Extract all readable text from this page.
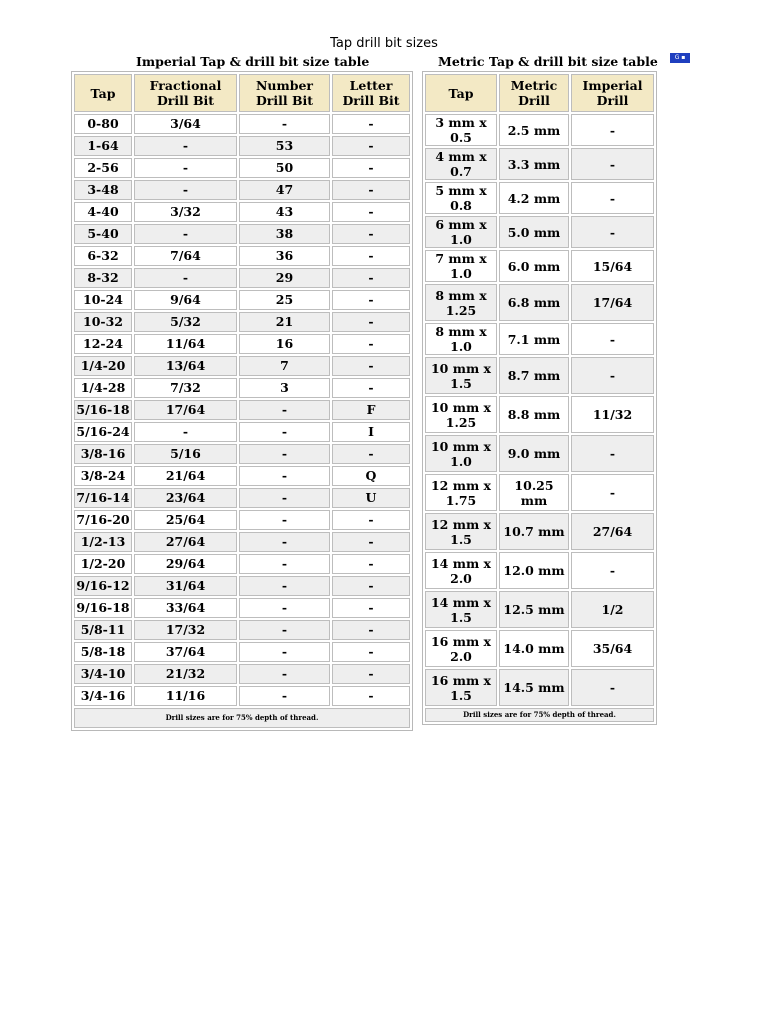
Tap drill bit sizes
Imperial Tap & drill bit size table	Metric Tap & drill bit size table	G ▪
Tap	Fractional Drill Bit	Number Drill Bit	Letter Drill Bit
0-80	3/64	-	-
1-64	-	53	-
2-56	-	50	-
3-48	-	47	-
4-40	3/32	43	-
5-40	-	38	-
6-32	7/64	36	-
8-32	-	29	-
10-24	9/64	25	-
10-32	5/32	21	-
12-24	11/64	16	-
1/4-20	13/64	7	-
1/4-28	7/32	3	-
5/16-18	17/64	-	F
5/16-24	-	-	I
3/8-16	5/16	-	-
3/8-24	21/64	-	Q
7/16-14	23/64	-	U
7/16-20	25/64	-	-
1/2-13	27/64	-	-
1/2-20	29/64	-	-
9/16-12	31/64	-	-
9/16-18	33/64	-	-
5/8-11	17/32	-	-
5/8-18	37/64	-	-
3/4-10	21/32	-	-
3/4-16	11/16	-	-
Drill sizes are for 75% depth of thread.			
Tap	Metric Drill	Imperial Drill
3 mm x 0.5	2.5 mm	-
4 mm x 0.7	3.3 mm	-
5 mm x 0.8	4.2 mm	-
6 mm x 1.0	5.0 mm	-
7 mm x 1.0	6.0 mm	15/64
8 mm x 1.25	6.8 mm	17/64
8 mm x 1.0	7.1 mm	-
10 mm x 1.5	8.7 mm	-
10 mm x 1.25	8.8 mm	11/32
10 mm x 1.0	9.0 mm	-
12 mm x 1.75	10.25 mm	-
12 mm x 1.5	10.7 mm	27/64
14 mm x 2.0	12.0 mm	-
14 mm x 1.5	12.5 mm	1/2
16 mm x 2.0	14.0 mm	35/64
16 mm x 1.5	14.5 mm	-
Drill sizes are for 75% depth of thread.		
